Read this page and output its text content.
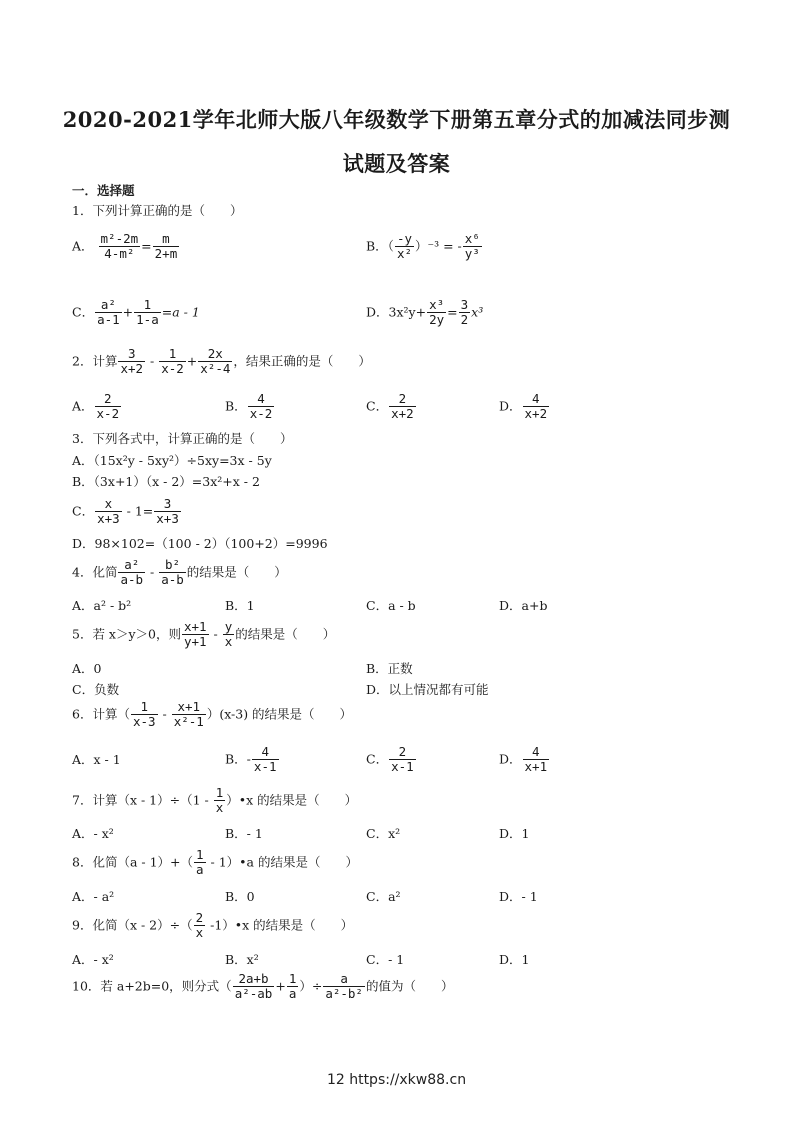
2020-2021学年北师大版八年级数学下册第五章分式的加减法同步测
试题及答案
一．选择题
1．下列计算正确的是（　　）
A． $\frac{\text{m²-2m}}{\text{4-m²}} = \frac{m}{2+m}$	B．（ $\frac{-y}{\text{x²}} )^{-3}$ = - $\frac{\text{x⁶}}{\text{y³}}$
C． $\frac{\text{a²}}{a-1} + \frac{1}{1-a} =a - 1$	D．$3x^2y+ \frac{\text{x³}}{2y} = \frac{3}{2} x^3$
2．计算 $\frac{3}{x+2} - \frac{1}{x-2} + \frac{2x}{\text{x²-4}}$ ，结果正确的是（　　）
A． $\frac{2}{x-2}$	B． $\frac{4}{x-2}$	C． $\frac{2}{x+2}$	D． $\frac{4}{x+2}$
3．下列各式中，计算正确的是（　　）
A．（15x²y - 5xy²）÷5xy=3x - 5y
B．（3x+1）（x - 2）=3x²+x - 2
C． $\frac{x}{x+3} - 1= \frac{3}{x+3}$
D．98×102=（100 - 2）（100+2）=9996
4．化简 $\frac{\text{a²}}{a-b} - \frac{\text{b²}}{a-b}$ 的结果是（　　）
A．a² - b²	B．1	C．a - b	D．a+b
5．若 x＞y＞0，则 $\frac{x+1}{y+1} - \frac{y}{x}$ 的结果是（　　）
A．0	B．正数
C．负数	D．以上情况都有可能
6．计算（ $\frac{1}{x-3} - \frac{x+1}{\text{x²-1}} )(x-3)$ 的结果是（　　）
A．x - 1	B．- $\frac{4}{x-1}$	C． $\frac{2}{x-1}$	D． $\frac{4}{x+1}$
7．计算$(x - 1)\div(1 - \frac{1}{x}$ ）•x 的结果是（　　）
A．- x²	B．- 1	C．x²	D．1
8．化简$(a - 1)+( \frac{1}{a}$ - 1）•a 的结果是（　　）
A．- a²	B．0	C．a²	D．- 1
9．化简$(x - 2)\div( \frac{2}{x}$ -1）•x 的结果是（　　）
A．- x²	B．x²	C．- 1	D．1
10．若 a+2b=0，则分式（ $\frac{2a+b}{\text{a²-ab}} + \frac{1}{a}$ ）÷ $\frac{a}{\text{a²-b²}}$ 的值为（　　）
12 https://xkw88.cn
